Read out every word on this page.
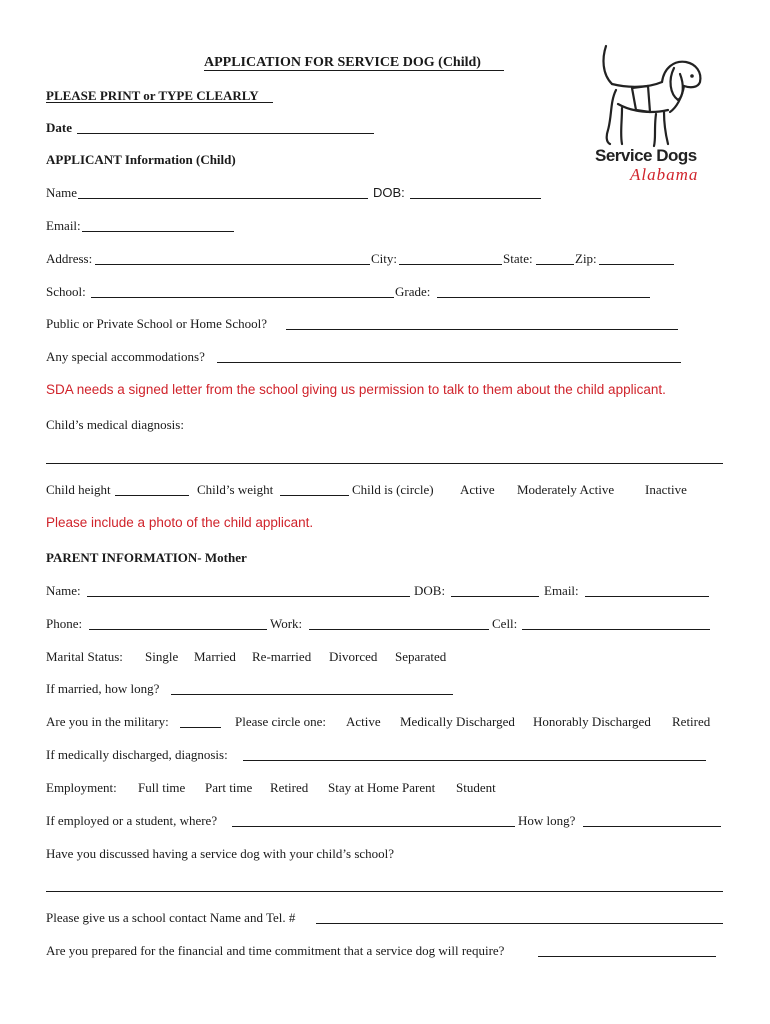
Service Dogs
Alabama
APPLICATION FOR SERVICE DOG (Child)
PLEASE PRINT or TYPE CLEARLY
Date
APPLICANT Information (Child)
Name	DOB:
Email:
Address:	City:	State:	Zip:
School:	Grade:
Public or Private School or Home School?
Any special accommodations?
SDA needs a signed letter from the school giving us permission to talk to them about the child applicant.
Child’s medical diagnosis:
Child height	Child’s weight	Child is (circle) Active Moderately Active Inactive
Please include a photo of the child applicant.
PARENT INFORMATION- Mother
Name:	DOB:	Email:
Phone:	Work:	Cell:
Marital Status: Single Married Re-married Divorced Separated
If married, how long?
Are you in the military:	Please circle one: Active Medically Discharged Honorably Discharged Retired
If medically discharged, diagnosis:
Employment: Full time Part time Retired Stay at Home Parent Student
If employed or a student, where?	How long?
Have you discussed having a service dog with your child’s school?
Please give us a school contact Name and Tel. #
Are you prepared for the financial and time commitment that a service dog will require?
